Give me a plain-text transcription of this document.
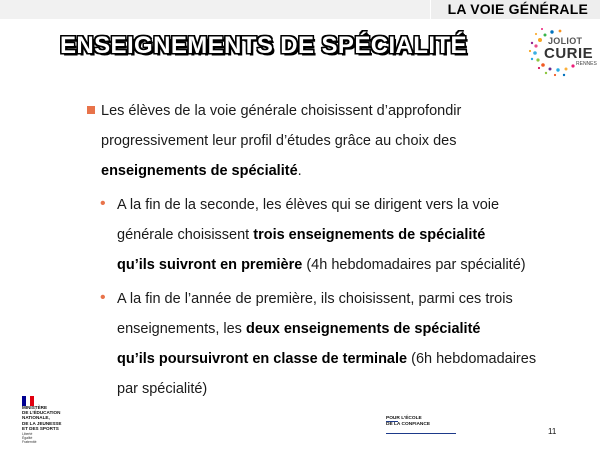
LA VOIE GÉNÉRALE
ENSEIGNEMENTS DE SPÉCIALITÉ	JOLIOT
CURIE
RENNES
Les élèves de la voie générale choisissent d’approfondir
progressivement leur profil d’études grâce au choix des
enseignements de spécialité.
• A la fin de la seconde, les élèves qui se dirigent vers la voie
générale choisissent trois enseignements de spécialité
qu’ils suivront en première (4h hebdomadaires par spécialité)
• A la fin de l’année de première, ils choisissent, parmi ces trois
enseignements, les deux enseignements de spécialité
qu’ils poursuivront en classe de terminale (6h hebdomadaires
par spécialité)
MINISTÈRE
DE L’ÉDUCATION
NATIONALE,
DE LA JEUNESSE
ET DES SPORTS
Liberté
Égalité
Fraternité
POUR L’ÉCOLE
DE LA CONFIANCE
11
